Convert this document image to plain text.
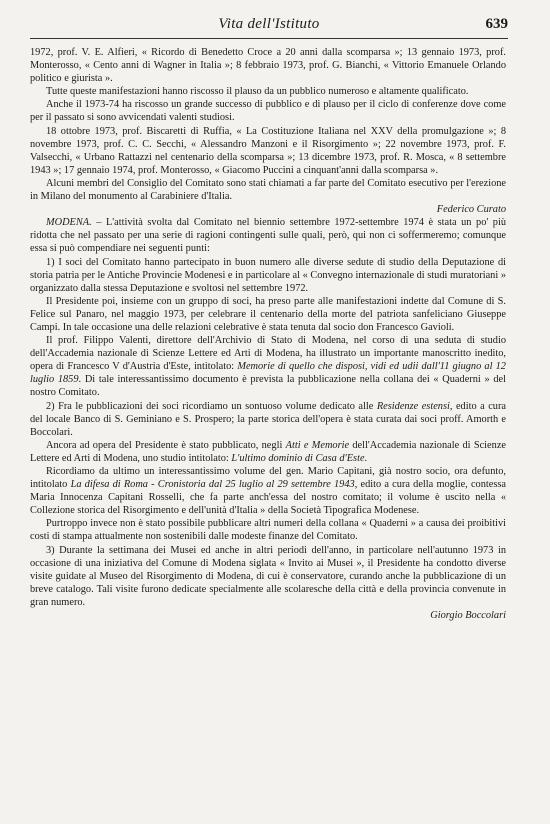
Vita dell'Istituto	639

1972, prof. V. E. Alfieri, « Ricordo di Benedetto Croce a 20 anni dalla scomparsa »; 13 gennaio 1973, prof. Monterosso, « Cento anni di Wagner in Italia »; 8 febbraio 1973, prof. G. Bianchi, « Vittorio Emanuele Orlando politico e giurista ».

Tutte queste manifestazioni hanno riscosso il plauso da un pubblico numeroso e altamente qualificato.

Anche il 1973-74 ha riscosso un grande successo di pubblico e di plauso per il ciclo di conferenze dove come per il passato si sono avvicendati valenti studiosi.

18 ottobre 1973, prof. Biscaretti di Ruffia, « La Costituzione Italiana nel XXV della promulgazione »; 8 novembre 1973, prof. C. C. Secchi, « Alessandro Manzoni e il Risorgimento »; 22 novembre 1973, prof. F. Valsecchi, « Urbano Rattazzi nel centenario della scomparsa »; 13 dicembre 1973, prof. R. Mosca, « 8 settembre 1943 »; 17 gennaio 1974, prof. Monterosso, « Giacomo Puccini a cinquant'anni dalla scomparsa ».

Alcuni membri del Consiglio del Comitato sono stati chiamati a far parte del Comitato esecutivo per l'erezione in Milano del monumento al Carabiniere d'Italia.

Federico Curato

MODENA. – L'attività svolta dal Comitato nel biennio settembre 1972-settembre 1974 è stata un po' più ridotta che nel passato per una serie di ragioni contingenti sulle quali, però, qui non ci soffermeremo; comunque essa si può compendiare nei seguenti punti:

1) I soci del Comitato hanno partecipato in buon numero alle diverse sedute di studio della Deputazione di storia patria per le Antiche Provincie Modenesi e in particolare al « Convegno internazionale di studi muratoriani » organizzato dalla stessa Deputazione e svoltosi nel settembre 1972.

Il Presidente poi, insieme con un gruppo di soci, ha preso parte alle manifestazioni indette dal Comune di S. Felice sul Panaro, nel maggio 1973, per celebrare il centenario della morte del patriota sanfeliciano Giuseppe Campi. In tale occasione una delle relazioni celebrative è stata tenuta dal socio don Francesco Gavioli.

Il prof. Filippo Valenti, direttore dell'Archivio di Stato di Modena, nel corso di una seduta di studio dell'Accademia nazionale di Scienze Lettere ed Arti di Modena, ha illustrato un importante manoscritto inedito, opera di Francesco V d'Austria d'Este, intitolato: Memorie di quello che disposi, vidi ed udii dall'11 giugno al 12 luglio 1859. Di tale interessantissimo documento è prevista la pubblicazione nella collana dei « Quaderni » del nostro Comitato.

2) Fra le pubblicazioni dei soci ricordiamo un sontuoso volume dedicato alle Residenze estensi, edito a cura del locale Banco di S. Geminiano e S. Prospero; la parte storica dell'opera è stata curata dai soci proff. Amorth e Boccolari.

Ancora ad opera del Presidente è stato pubblicato, negli Atti e Memorie dell'Accademia nazionale di Scienze Lettere ed Arti di Modena, uno studio intitolato: L'ultimo dominio di Casa d'Este.

Ricordiamo da ultimo un interessantissimo volume del gen. Mario Capitani, già nostro socio, ora defunto, intitolato La difesa di Roma - Cronistoria dal 25 luglio al 29 settembre 1943, edito a cura della moglie, contessa Maria Innocenza Capitani Rosselli, che fa parte anch'essa del nostro comitato; il volume è uscito nella « Collezione storica del Risorgimento e dell'unità d'Italia » della Società Tipografica Modenese.

Purtroppo invece non è stato possibile pubblicare altri numeri della collana « Quaderni » a causa dei proibitivi costi di stampa attualmente non sostenibili dalle modeste finanze del Comitato.

3) Durante la settimana dei Musei ed anche in altri periodi dell'anno, in particolare nell'autunno 1973 in occasione di una iniziativa del Comune di Modena siglata « Invito ai Musei », il Presidente ha condotto diverse visite guidate al Museo del Risorgimento di Modena, di cui è conservatore, curando anche la pubblicazione di un breve catalogo. Tali visite furono dedicate specialmente alle scolaresche della città e della provincia convenute in gran numero.

Giorgio Boccolari
